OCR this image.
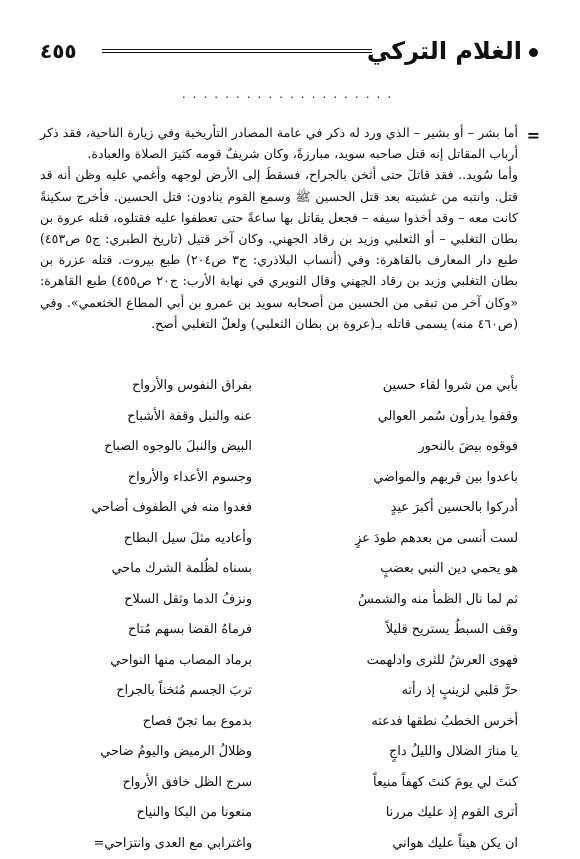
الغلام التركي
٤٥٥
....................
=

أما بشر – أو بشير – الذي ورد له ذكر في عامة المصادر التأريخية وفي زيارة الناحية، فقد ذكر أرباب المقاتل إنه قتل صاحبه سويد، مبارزةً، وكان شريفٌ قومه كثيرَ الصلاة والعبادة.

وأما سُويد.. فقد قاتلَ حتى أثخن بالجراح، فسقطَ إلى الأرض لوجهه وأغمي عليه وظن أنه قد قتل. وانتبه من غشيته بعد قتل الحسين ﷺ وسمع القوم ينادون: قتل الحسين. فأخرج سكينةً كانت معه – وقد أخذوا سيفه – فجعل يقاتل بها ساعةً حتى تعطفوا عليه فقتلوه، قتله عروة بن بطان التغلبي – أو الثعلبي وزيد بن رقاد الجهني. وكان آخر قتيل (تاريخ الطبري: ج٥ ص٤٥٣) طبع دار المعارف بالقاهرة: وفي (أنساب البلاذري: ج٣ ص٢٠٤) طبع بيروت. قتله عزرة بن بطان التغلبي وزيد بن رقاد الجهني وقال النويري في نهاية الأرب: ج٢٠ ص٤٥٥) طبع القاهرة: «وكان آخر من تبقى من الحسين من أصحابه سويد بن عمرو بن أبي المطاع الخثعمي». وفي (ص٤٦٠ منه) يسمى قاتله بـ(عروة بن بطان الثعلبي) ولعلّ التغلبي أصح.

بأبي من شروا لقاء حسين
بفراق النفوس والأرواح
وقفوا يدرأون سُمر العوالي
عنه والنبل وقفة الأشباح
فوقوه بيضَ بالنحور
البيض والنبلَ بالوجوه الصباح
باعدوا بين قربهم والمواضي
وجسوم الأعداء والأرواح
أدركوا بالحسين أكبرَ عيدٍ
فغدوا منه في الطفوف أضاحي
لست أنسى من بعدهم طودَ عزٍ
وأعاديه مثلَ سيل البطاح
هو يحمي دين النبي بعضبٍ
بسناه لظُلمة الشرك ماحي
ثم لما نال الظمأ منه والشمسُ
ونزفُ الدما وثقل السلاح
وقف السبطُ يستريح قليلاً
فرماهُ القضا بسهم مُتاح
فهوى العرشُ للثرى وادلهمت
برماد المصاب منها النواحي
حرَّ قلبي لزينبٍ إذ رأته
تربَ الجسم مُثخناً بالجراح
أخرس الخطبُ نطقها فدعته
بدموع بما تجنّ فصاح
يا منارَ الضلال والليلُ داجٍ
وظلالُ الرميض واليومُ ضاحي
كنتَ لي يومَ كنتَ كهفاً منيعاً
سرج الظل خافق الأرواح
أترى القوم إذ عليك مررنا
منعونا من البكا والنياح
ان يكن هيناً عليك هواني
واغترابي مع العدى وانتزاحي=
